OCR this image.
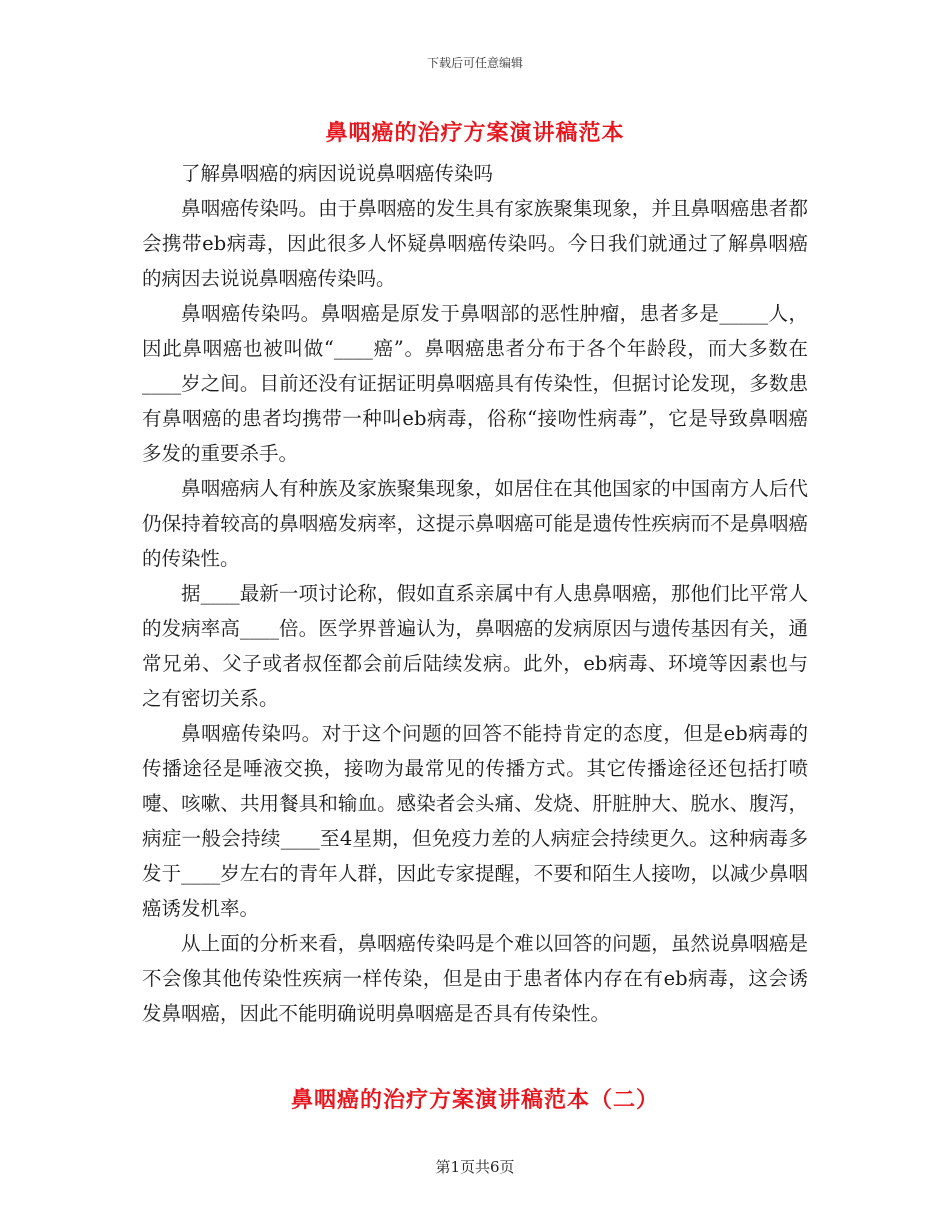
下载后可任意编辑
鼻咽癌的治疗方案演讲稿范本

了解鼻咽癌的病因说说鼻咽癌传染吗

鼻咽癌传染吗。由于鼻咽癌的发生具有家族聚集现象，并且鼻咽癌患者都会携带eb病毒，因此很多人怀疑鼻咽癌传染吗。今日我们就通过了解鼻咽癌的病因去说说鼻咽癌传染吗。

鼻咽癌传染吗。鼻咽癌是原发于鼻咽部的恶性肿瘤，患者多是_____人，因此鼻咽癌也被叫做“____癌”。鼻咽癌患者分布于各个年龄段，而大多数在____岁之间。目前还没有证据证明鼻咽癌具有传染性，但据讨论发现，多数患有鼻咽癌的患者均携带一种叫eb病毒，俗称“接吻性病毒”，它是导致鼻咽癌多发的重要杀手。

鼻咽癌病人有种族及家族聚集现象，如居住在其他国家的中国南方人后代仍保持着较高的鼻咽癌发病率，这提示鼻咽癌可能是遗传性疾病而不是鼻咽癌的传染性。

据____最新一项讨论称，假如直系亲属中有人患鼻咽癌，那他们比平常人的发病率高____倍。医学界普遍认为，鼻咽癌的发病原因与遗传基因有关，通常兄弟、父子或者叔侄都会前后陆续发病。此外，eb病毒、环境等因素也与之有密切关系。

鼻咽癌传染吗。对于这个问题的回答不能持肯定的态度，但是eb病毒的传播途径是唾液交换，接吻为最常见的传播方式。其它传播途径还包括打喷嚏、咳嗽、共用餐具和输血。感染者会头痛、发烧、肝脏肿大、脱水、腹泻，病症一般会持续____至4星期，但免疫力差的人病症会持续更久。这种病毒多发于____岁左右的青年人群，因此专家提醒，不要和陌生人接吻，以减少鼻咽癌诱发机率。

从上面的分析来看，鼻咽癌传染吗是个难以回答的问题，虽然说鼻咽癌是不会像其他传染性疾病一样传染，但是由于患者体内存在有eb病毒，这会诱发鼻咽癌，因此不能明确说明鼻咽癌是否具有传染性。

鼻咽癌的治疗方案演讲稿范本（二）
第1页共6页
